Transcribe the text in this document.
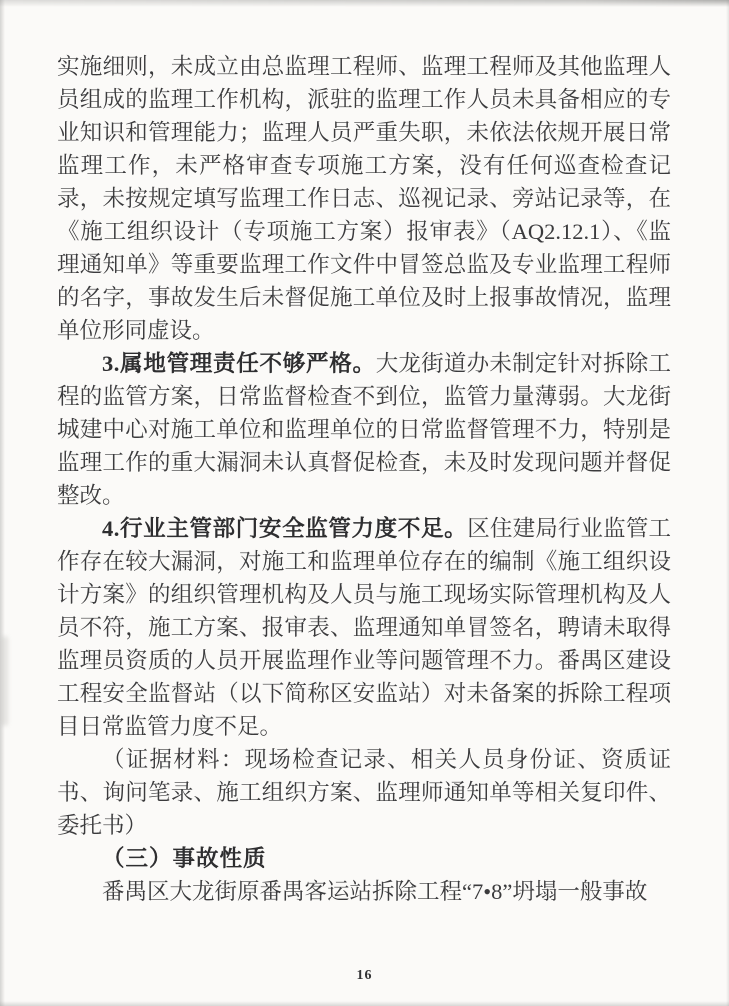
实施细则，未成立由总监理工程师、监理工程师及其他监理人员组成的监理工作机构，派驻的监理工作人员未具备相应的专业知识和管理能力；监理人员严重失职，未依法依规开展日常监理工作，未严格审查专项施工方案，没有任何巡查检查记录，未按规定填写监理工作日志、巡视记录、旁站记录等，在《施工组织设计（专项施工方案）报审表》（AQ2.12.1）、《监理通知单》等重要监理工作文件中冒签总监及专业监理工程师的名字，事故发生后未督促施工单位及时上报事故情况，监理单位形同虚设。

3.属地管理责任不够严格。大龙街道办未制定针对拆除工程的监管方案，日常监督检查不到位，监管力量薄弱。大龙街城建中心对施工单位和监理单位的日常监督管理不力，特别是监理工作的重大漏洞未认真督促检查，未及时发现问题并督促整改。

4.行业主管部门安全监管力度不足。区住建局行业监管工作存在较大漏洞，对施工和监理单位存在的编制《施工组织设计方案》的组织管理机构及人员与施工现场实际管理机构及人员不符，施工方案、报审表、监理通知单冒签名，聘请未取得监理员资质的人员开展监理作业等问题管理不力。番禺区建设工程安全监督站（以下简称区安监站）对未备案的拆除工程项目日常监管力度不足。

（证据材料：现场检查记录、相关人员身份证、资质证书、询问笔录、施工组织方案、监理师通知单等相关复印件、委托书）

（三）事故性质

番禺区大龙街原番禺客运站拆除工程“7•8”坍塌一般事故

16
